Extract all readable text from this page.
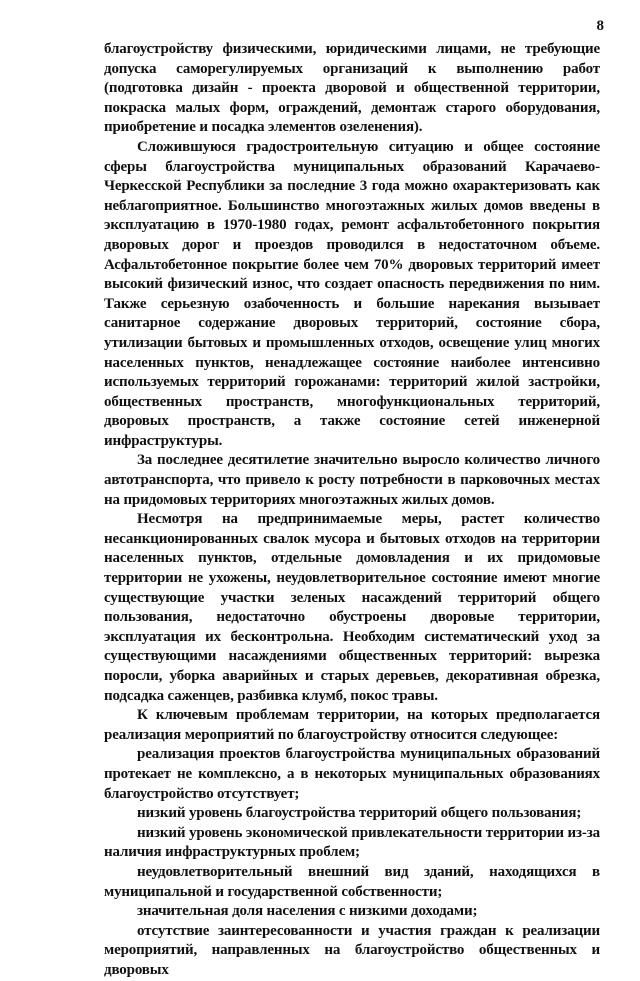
8

благоустройству физическими, юридическими лицами, не требующие допуска саморегулируемых организаций к выполнению работ (подготовка дизайн - проекта дворовой и общественной территории, покраска малых форм, ограждений, демонтаж старого оборудования, приобретение и посадка элементов озеленения).

Сложившуюся градостроительную ситуацию и общее состояние сферы благоустройства муниципальных образований Карачаево-Черкесской Республики за последние 3 года можно охарактеризовать как неблагоприятное. Большинство многоэтажных жилых домов введены в эксплуатацию в 1970-1980 годах, ремонт асфальтобетонного покрытия дворовых дорог и проездов проводился в недостаточном объеме. Асфальтобетонное покрытие более чем 70% дворовых территорий имеет высокий физический износ, что создает опасность передвижения по ним. Также серьезную озабоченность и большие нарекания вызывает санитарное содержание дворовых территорий, состояние сбора, утилизации бытовых и промышленных отходов, освещение улиц многих населенных пунктов, ненадлежащее состояние наиболее интенсивно используемых территорий горожанами: территорий жилой застройки, общественных пространств, многофункциональных территорий, дворовых пространств, а также состояние сетей инженерной инфраструктуры.

За последнее десятилетие значительно выросло количество личного автотранспорта, что привело к росту потребности в парковочных местах на придомовых территориях многоэтажных жилых домов.

Несмотря на предпринимаемые меры, растет количество несанкционированных свалок мусора и бытовых отходов на территории населенных пунктов, отдельные домовладения и их придомовые территории не ухожены, неудовлетворительное состояние имеют многие существующие участки зеленых насаждений территорий общего пользования, недостаточно обустроены дворовые территории, эксплуатация их бесконтрольна. Необходим систематический уход за существующими насаждениями общественных территорий: вырезка поросли, уборка аварийных и старых деревьев, декоративная обрезка, подсадка саженцев, разбивка клумб, покос травы.

К ключевым проблемам территории, на которых предполагается реализация мероприятий по благоустройству относится следующее:

реализация проектов благоустройства муниципальных образований протекает не комплексно, а в некоторых муниципальных образованиях благоустройство отсутствует;

низкий уровень благоустройства территорий общего пользования;

низкий уровень экономической привлекательности территории из-за наличия инфраструктурных проблем;

неудовлетворительный внешний вид зданий, находящихся в муниципальной и государственной собственности;

значительная доля населения с низкими доходами;

отсутствие заинтересованности и участия граждан к реализации мероприятий, направленных на благоустройство общественных и дворовых
